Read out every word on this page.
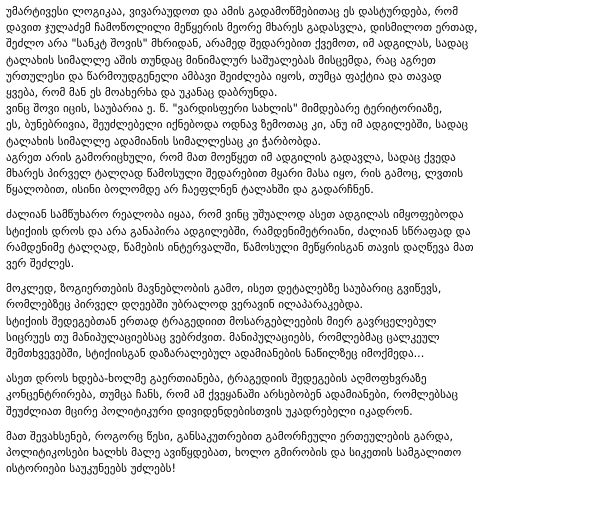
უმარტივესი ლოგიკაა, ვივარაუდოთ და ამის გადამოწმებითაც ეს დასტურდება, რომ
დავით ჯულაძემ ჩამოწოლილი მეწყერის მეორე მხარეს გადასვლა, დისმილოთ ერთად,
შეძლო არა "სანკტ შოვის" მხრიდან, არამედ შედარებით ქვემოთ, იმ ადგილას, სადაც
ტალახის სიმალლე აშის თუნდაც მინიმალურ საშუალებას მისცემდა, რაც აგრეთ
ურთულესი და წარმოუდგენელი ამბავი შეიძლება იყოს, თუმცა ფაქტია და თავად
ყვება, რომ მან ეს მოახერხა და უკანაც დაბრუნდა.
ვინც შოვი იცის, საუბარია ე. წ. "ვარდისფერი სახლის" მიმდებარე ტერიტორიაზე,
ეს, ბუნებრივია, შეუძლებელი იქნებოდა ოდნავ ზემოთაც კი, ანუ იმ ადგილებში, სადაც
ტალახის სიმალლე ადამიანის სიმალლესაც კი ჭარბობდა.
აგრეთ არის გამორიცხული, რომ მათ მოეწყეთ იმ ადგილის გადავლა, სადაც ქვედა
მხარეს პირველ ტალღად წამოსული შედარებით მყარი მასა იყო, რის გამოც, ლვთის
წყალობით, ისინი ბოლომდე არ ჩაეფლნენ ტალახში და გადარჩნენ.
ძალიან სამწუხარო რეალობა იყაა, რომ ვინც უშუალოდ ასეთ ადგილას იმყოფებოდა
სტიქიის დროს და არა განაპირა ადგილებში, რამდენიმეტრიანი, ძალიან სწრაფად და
რამდენიმე ტალღად, წამების ინტერვალში, წამოსული მეწყრისგან თავის დაღწევა მათ
ვერ შეძლეს.
მოკლედ, ზოგიერთების მავნებლობის გამო, ისეთ დეტალებზე საუბარიც გვიწევს,
რომლებზეც პირველ დღეებში უბრალოდ ვერავინ ილაპარაკებდა.
სტიქიის შედეგებთან ერთად ტრაგედიით მოსარგებლეების მიერ გავრცელებულ
სიცრუეს თუ მანიპულაციებსაც ვებრძვით. მანიპულაციებს, რომლებმაც ცალკეულ
შემთხვევებში, სტიქიისგან დაზარალებულ ადამიანების ნაწილზეც იმოქმედა...
ასეთ დროს ხდება-ხოლმე გაერთიანება, ტრაგედიის შედეგების აღმოფხვრაზე
კონცენტრირება, თუმცა ჩანს, რომ ამ ქვეყანაში არსებობენ ადამიანები, რომლებსაც
შეუძლიათ მცირე პოლიტიკური დივიდენდებისთვის უკადრებელი იკადრონ.
მათ შევახსენებ, როგორც წესი, განსაკუთრებით გამორჩეული ერთეულების გარდა,
პოლიტიკოსები ხალხს მალე ავიწყდებათ, ხოლო გმირობის და სიკეთის სამგალითო
ისტორიები საუკუნეებს უძლებს!
